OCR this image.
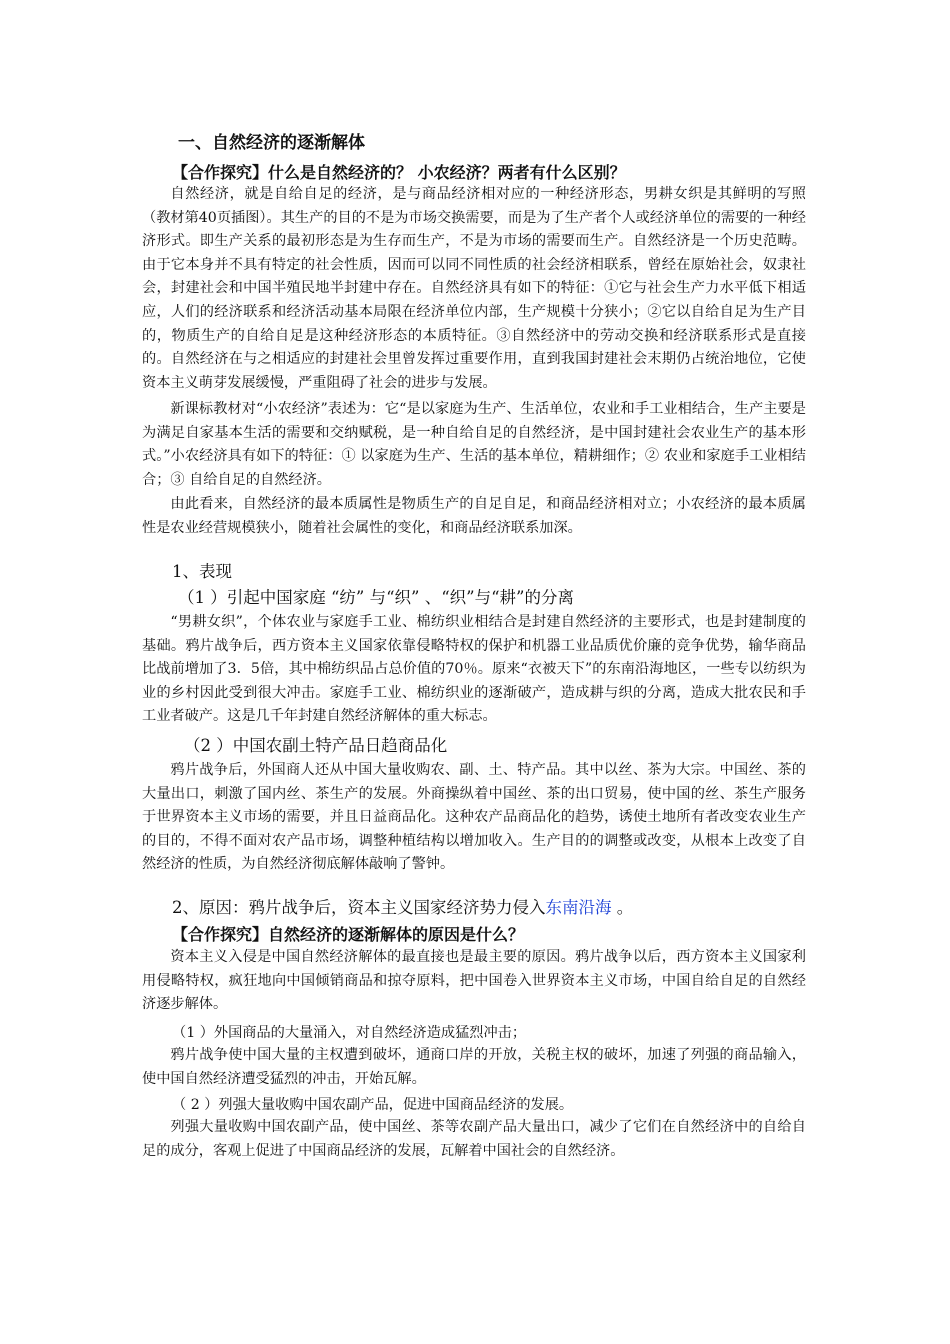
一、自然经济的逐渐解体
【合作探究】什么是自然经济的？ 小农经济？两者有什么区别？

自然经济，就是自给自足的经济，是与商品经济相对应的一种经济形态，男耕女织是其鲜明的写照（教材第40页插图）。其生产的目的不是为市场交换需要，而是为了生产者个人或经济单位的需要的一种经济形式。即生产关系的最初形态是为生存而生产，不是为市场的需要而生产。自然经济是一个历史范畴。由于它本身并不具有特定的社会性质，因而可以同不同性质的社会经济相联系，曾经在原始社会，奴隶社会，封建社会和中国半殖民地半封建中存在。自然经济具有如下的特征：①它与社会生产力水平低下相适应，人们的经济联系和经济活动基本局限在经济单位内部，生产规模十分狭小；②它以自给自足为生产目的，物质生产的自给自足是这种经济形态的本质特征。③自然经济中的劳动交换和经济联系形式是直接的。自然经济在与之相适应的封建社会里曾发挥过重要作用，直到我国封建社会末期仍占统治地位，它使资本主义萌芽发展缓慢，严重阻碍了社会的进步与发展。

新课标教材对“小农经济”表述为：它“是以家庭为生产、生活单位，农业和手工业相结合，生产主要是为满足自家基本生活的需要和交纳赋税，是一种自给自足的自然经济，是中国封建社会农业生产的基本形式。”小农经济具有如下的特征：① 以家庭为生产、生活的基本单位，精耕细作；② 农业和家庭手工业相结合；③ 自给自足的自然经济。

由此看来，自然经济的最本质属性是物质生产的自足自足，和商品经济相对立；小农经济的最本质属性是农业经营规模狭小，随着社会属性的变化，和商品经济联系加深。

1、表现
（1 ）引起中国家庭 “纺” 与“织” 、“织”与“耕”的分离

“男耕女织”，个体农业与家庭手工业、棉纺织业相结合是封建自然经济的主要形式，也是封建制度的基础。鸦片战争后，西方资本主义国家依靠侵略特权的保护和机器工业品质优价廉的竞争优势，输华商品比战前增加了3．5倍，其中棉纺织品占总价值的70％。原来“衣被天下”的东南沿海地区，一些专以纺织为业的乡村因此受到很大冲击。家庭手工业、棉纺织业的逐渐破产，造成耕与织的分离，造成大批农民和手工业者破产。这是几千年封建自然经济解体的重大标志。

（2 ）中国农副土特产品日趋商品化

鸦片战争后，外国商人还从中国大量收购农、副、土、特产品。其中以丝、茶为大宗。中国丝、茶的大量出口，刺激了国内丝、茶生产的发展。外商操纵着中国丝、茶的出口贸易，使中国的丝、茶生产服务于世界资本主义市场的需要，并且日益商品化。这种农产品商品化的趋势，诱使土地所有者改变农业生产的目的，不得不面对农产品市场，调整种植结构以增加收入。生产目的的调整或改变，从根本上改变了自然经济的性质，为自然经济彻底解体敲响了警钟。

2、原因：鸦片战争后，资本主义国家经济势力侵入东南沿海 。
【合作探究】自然经济的逐渐解体的原因是什么？

资本主义入侵是中国自然经济解体的最直接也是最主要的原因。鸦片战争以后，西方资本主义国家利用侵略特权，疯狂地向中国倾销商品和掠夺原料，把中国卷入世界资本主义市场，中国自给自足的自然经济逐步解体。

（1 ）外国商品的大量涌入，对自然经济造成猛烈冲击；

鸦片战争使中国大量的主权遭到破坏，通商口岸的开放，关税主权的破坏，加速了列强的商品输入，使中国自然经济遭受猛烈的冲击，开始瓦解。

（ 2 ）列强大量收购中国农副产品，促进中国商品经济的发展。

列强大量收购中国农副产品，使中国丝、茶等农副产品大量出口，减少了它们在自然经济中的自给自足的成分，客观上促进了中国商品经济的发展，瓦解着中国社会的自然经济。
